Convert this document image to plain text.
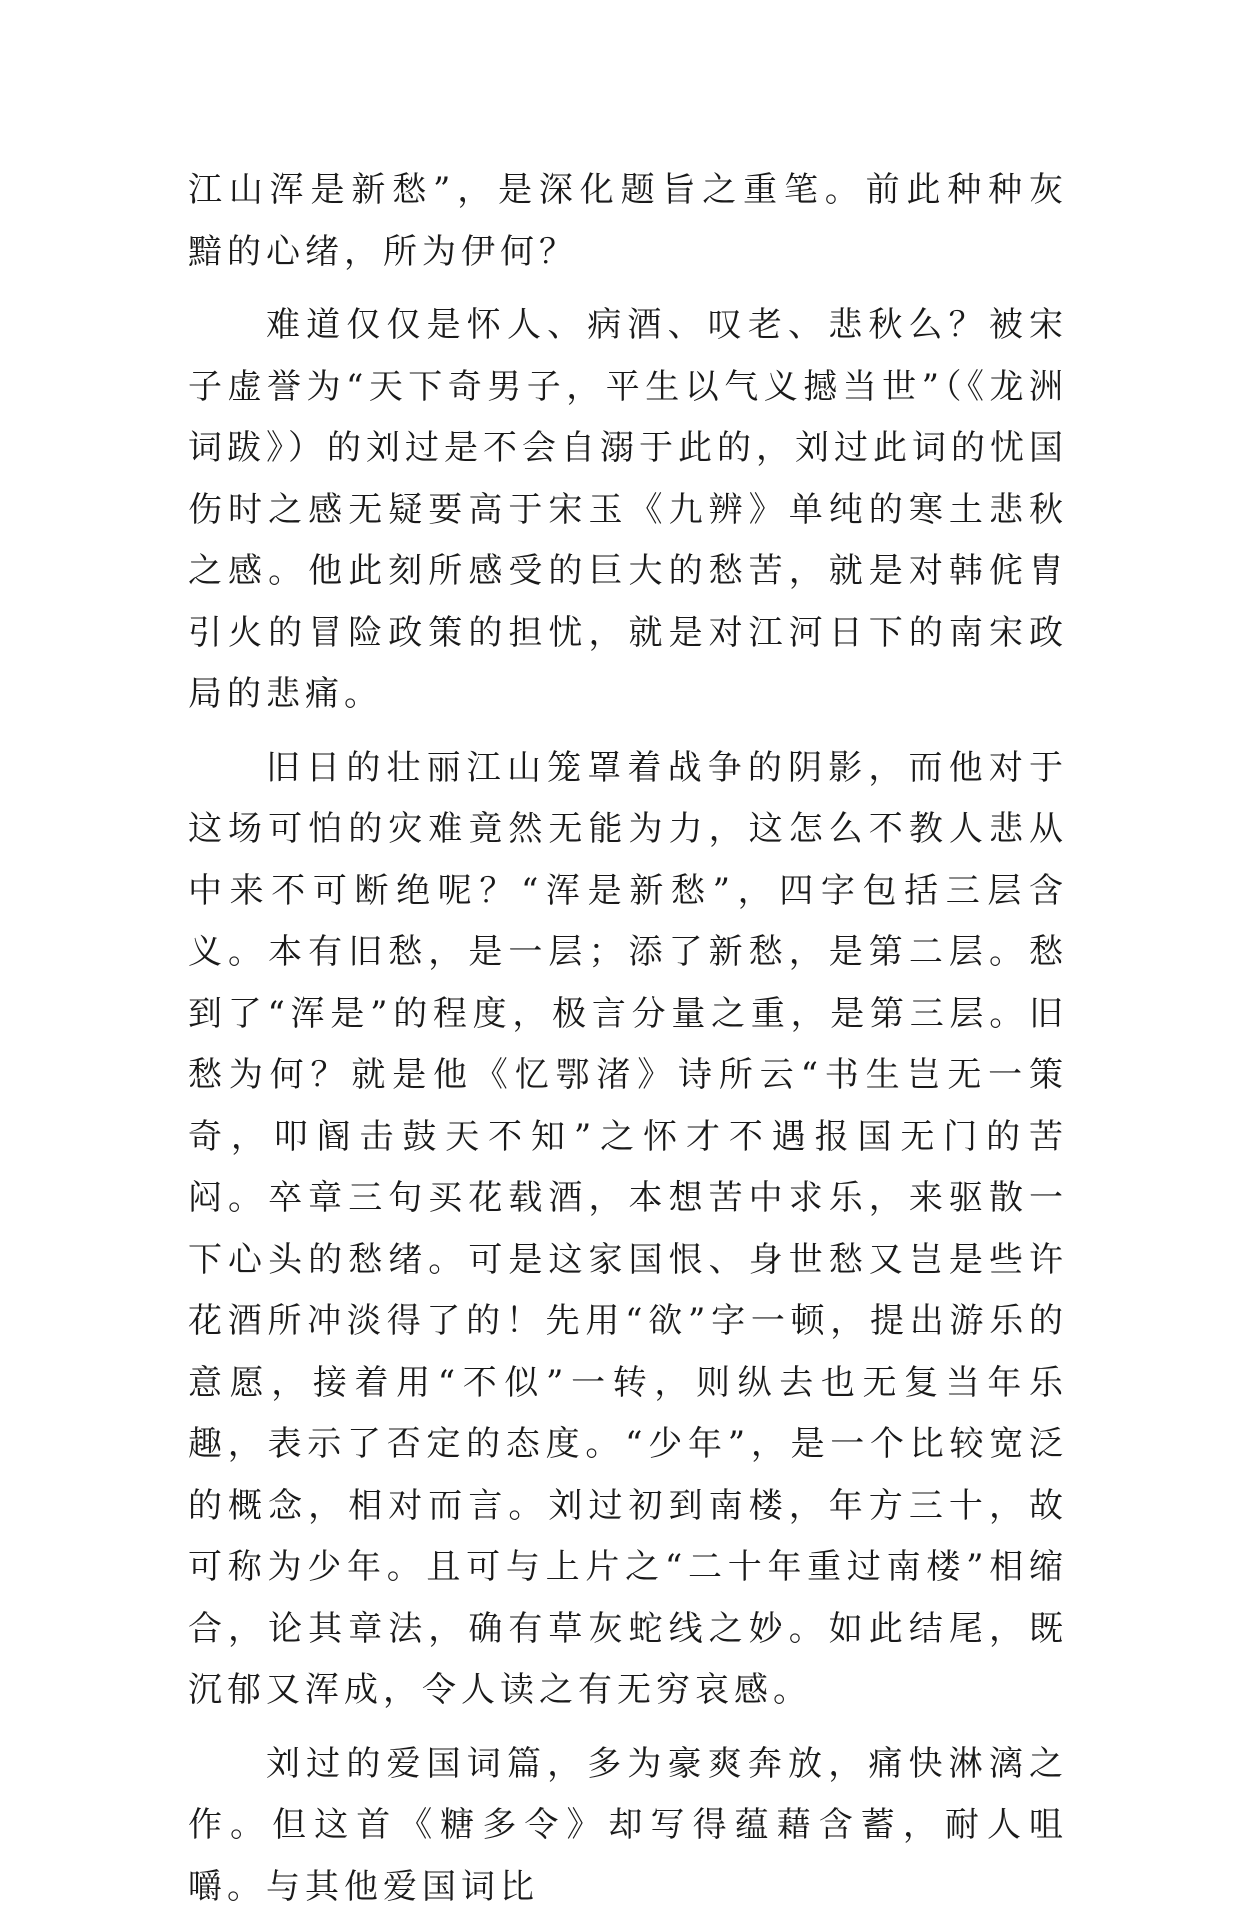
江山浑是新愁”，是深化题旨之重笔。前此种种灰黯的心绪，所为伊何？

难道仅仅是怀人、病酒、叹老、悲秋么？被宋子虚誉为“天下奇男子，平生以气义撼当世”（《龙洲词跋》）的刘过是不会自溺于此的，刘过此词的忧国伤时之感无疑要高于宋玉《九辨》单纯的寒土悲秋之感。他此刻所感受的巨大的愁苦，就是对韩侂胄引火的冒险政策的担忧，就是对江河日下的南宋政局的悲痛。

旧日的壮丽江山笼罩着战争的阴影，而他对于这场可怕的灾难竟然无能为力，这怎么不教人悲从中来不可断绝呢？“浑是新愁”，四字包括三层含义。本有旧愁，是一层；添了新愁，是第二层。愁到了“浑是”的程度，极言分量之重，是第三层。旧愁为何？就是他《忆鄂渚》诗所云“书生岂无一策奇，叩阍击鼓天不知”之怀才不遇报国无门的苦闷。卒章三句买花载酒，本想苦中求乐，来驱散一下心头的愁绪。可是这家国恨、身世愁又岂是些许花酒所冲淡得了的！先用“欲”字一顿，提出游乐的意愿，接着用“不似”一转，则纵去也无复当年乐趣，表示了否定的态度。“少年”，是一个比较宽泛的概念，相对而言。刘过初到南楼，年方三十，故可称为少年。且可与上片之“二十年重过南楼”相缩合，论其章法，确有草灰蛇线之妙。如此结尾，既沉郁又浑成，令人读之有无穷哀感。

刘过的爱国词篇，多为豪爽奔放，痛快淋漓之作。但这首《糖多令》却写得蕴藉含蓄，耐人咀嚼。与其他爱国词比
